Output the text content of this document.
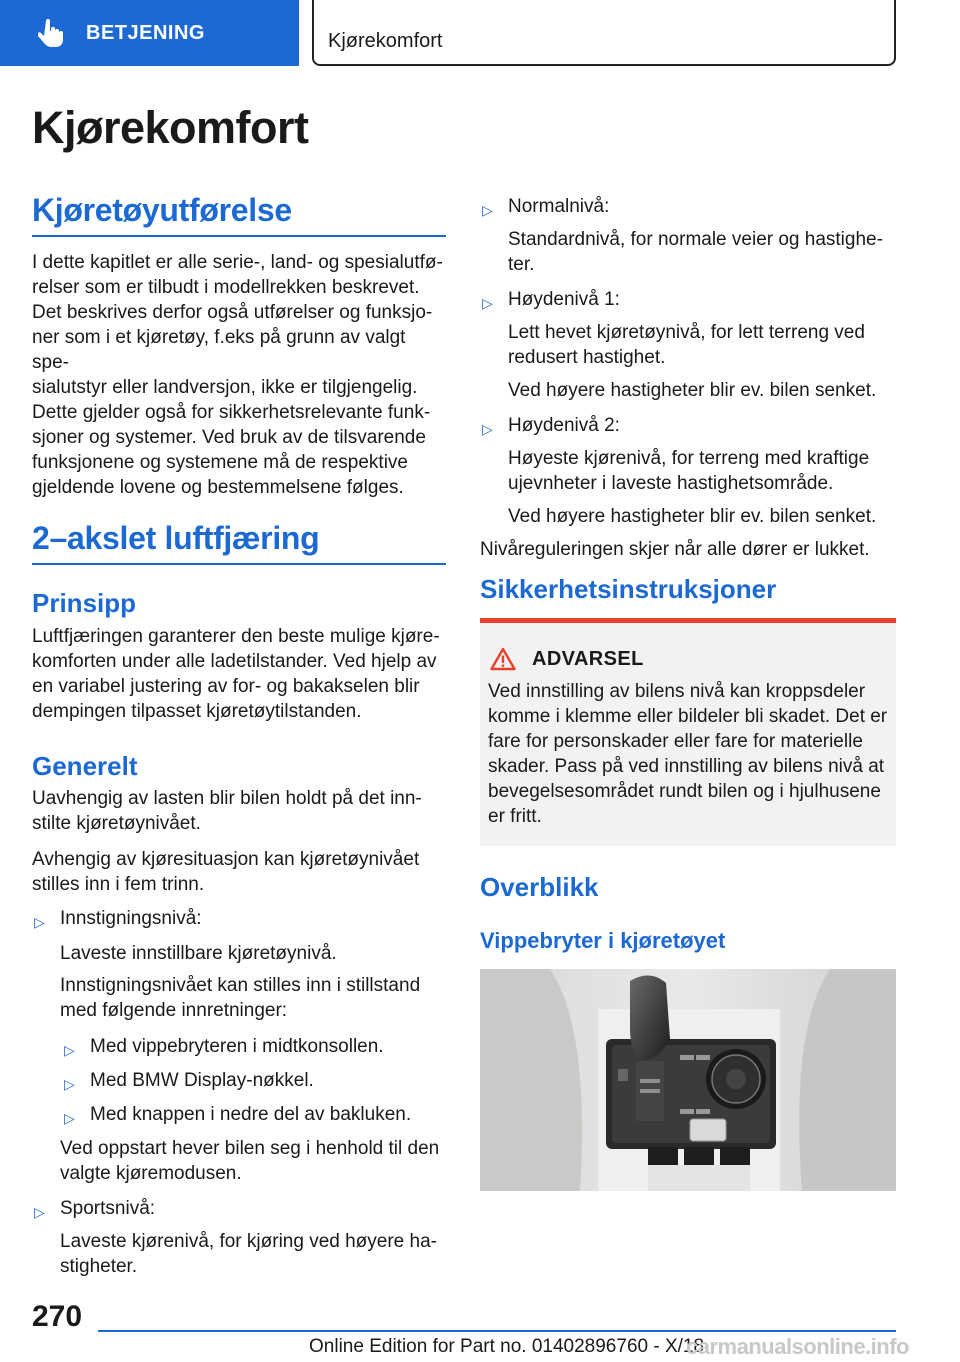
BETJENING	Kjørekomfort
Kjørekomfort
Kjøretøyutførelse

I dette kapitlet er alle serie-, land- og spesialutfø-

relser som er tilbudt i modellrekken beskrevet.

Det beskrives derfor også utførelser og funksjo-

ner som i et kjøretøy, f.eks på grunn av valgt spe-

sialutstyr eller landversjon, ikke er tilgjengelig.

Dette gjelder også for sikkerhetsrelevante funk-

sjoner og systemer. Ved bruk av de tilsvarende

funksjonene og systemene må de respektive

gjeldende lovene og bestemmelsene følges.

2–akslet luftfjæring
Prinsipp

Luftfjæringen garanterer den beste mulige kjøre-

komforten under alle ladetilstander. Ved hjelp av

en variabel justering av for- og bakakselen blir

dempingen tilpasset kjøretøytilstanden.

Generelt

Uavhengig av lasten blir bilen holdt på det inn-

stilte kjøretøynivået.

Avhengig av kjøresituasjon kan kjøretøynivået

stilles inn i fem trinn.

▷ Innstigningsnivå:
Laveste innstillbare kjøretøynivå.
Innstigningsnivået kan stilles inn i stillstand
med følgende innretninger:
▷ Med vippebryteren i midtkonsollen.
▷ Med BMW Display-nøkkel.
▷ Med knappen i nedre del av bakluken.
Ved oppstart hever bilen seg i henhold til den
valgte kjøremodusen.
▷ Sportsnivå:
Laveste kjørenivå, for kjøring ved høyere ha-
stigheter.
▷ Normalnivå:
Standardnivå, for normale veier og hastighe-
ter.
▷ Høydenivå 1:
Lett hevet kjøretøynivå, for lett terreng ved
redusert hastighet.
Ved høyere hastigheter blir ev. bilen senket.
▷ Høydenivå 2:
Høyeste kjørenivå, for terreng med kraftige
ujevnheter i laveste hastighetsområde.
Ved høyere hastigheter blir ev. bilen senket.

Nivåreguleringen skjer når alle dører er lukket.

Sikkerhetsinstruksjoner
ADVARSEL
Ved innstilling av bilens nivå kan kroppsdeler
komme i klemme eller bildeler bli skadet. Det er
fare for personskader eller fare for materielle
skader. Pass på ved innstilling av bilens nivå at
bevegelsesområdet rundt bilen og i hjulhusene
er fritt.
Overblikk
Vippebryter i kjøretøyet
270
Online Edition for Part no. 01402896760 - X/18
carmanualsonline.info
